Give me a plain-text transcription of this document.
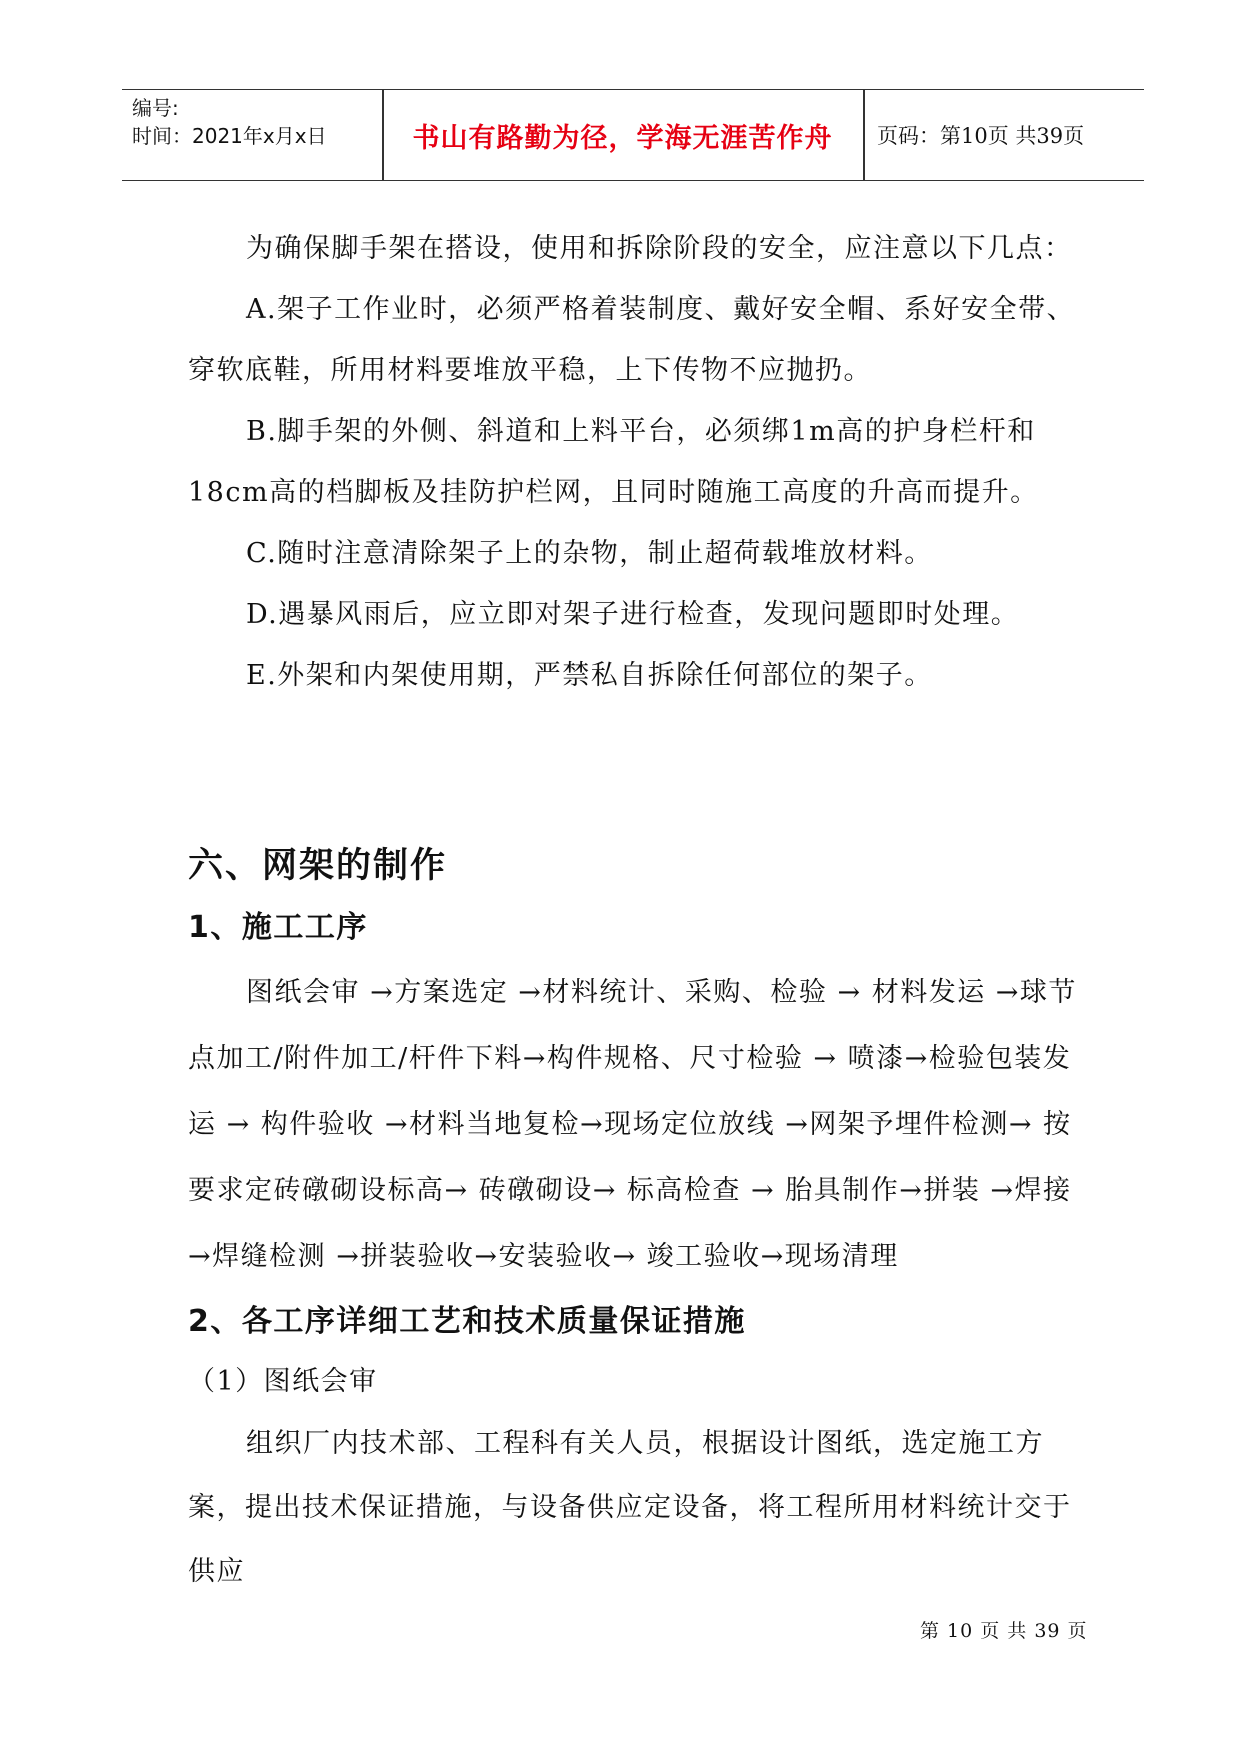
编号:
时间：2021年x月x日	书山有路勤为径，学海无涯苦作舟	页码：第10页 共39页

为确保脚手架在搭设，使用和拆除阶段的安全，应注意以下几点：

A.架子工作业时，必须严格着装制度、戴好安全帽、系好安全带、穿软底鞋，所用材料要堆放平稳，上下传物不应抛扔。

B.脚手架的外侧、斜道和上料平台，必须绑1m高的护身栏杆和18cm高的档脚板及挂防护栏网，且同时随施工高度的升高而提升。

C.随时注意清除架子上的杂物，制止超荷载堆放材料。

D.遇暴风雨后，应立即对架子进行检查，发现问题即时处理。

E.外架和内架使用期，严禁私自拆除任何部位的架子。

六、网架的制作
1、施工工序

图纸会审 →方案选定 →材料统计、采购、检验 → 材料发运 →球节点加工/附件加工/杆件下料→构件规格、尺寸检验 → 喷漆→检验包装发运 → 构件验收 →材料当地复检→现场定位放线 →网架予埋件检测→ 按要求定砖礅砌设标高→ 砖礅砌设→ 标高检查 → 胎具制作→拼装 →焊接 →焊缝检测 →拼装验收→安装验收→ 竣工验收→现场清理

2、各工序详细工艺和技术质量保证措施

（1）图纸会审

组织厂内技术部、工程科有关人员，根据设计图纸，选定施工方案，提出技术保证措施，与设备供应定设备，将工程所用材料统计交于供应

第 10 页 共 39 页
